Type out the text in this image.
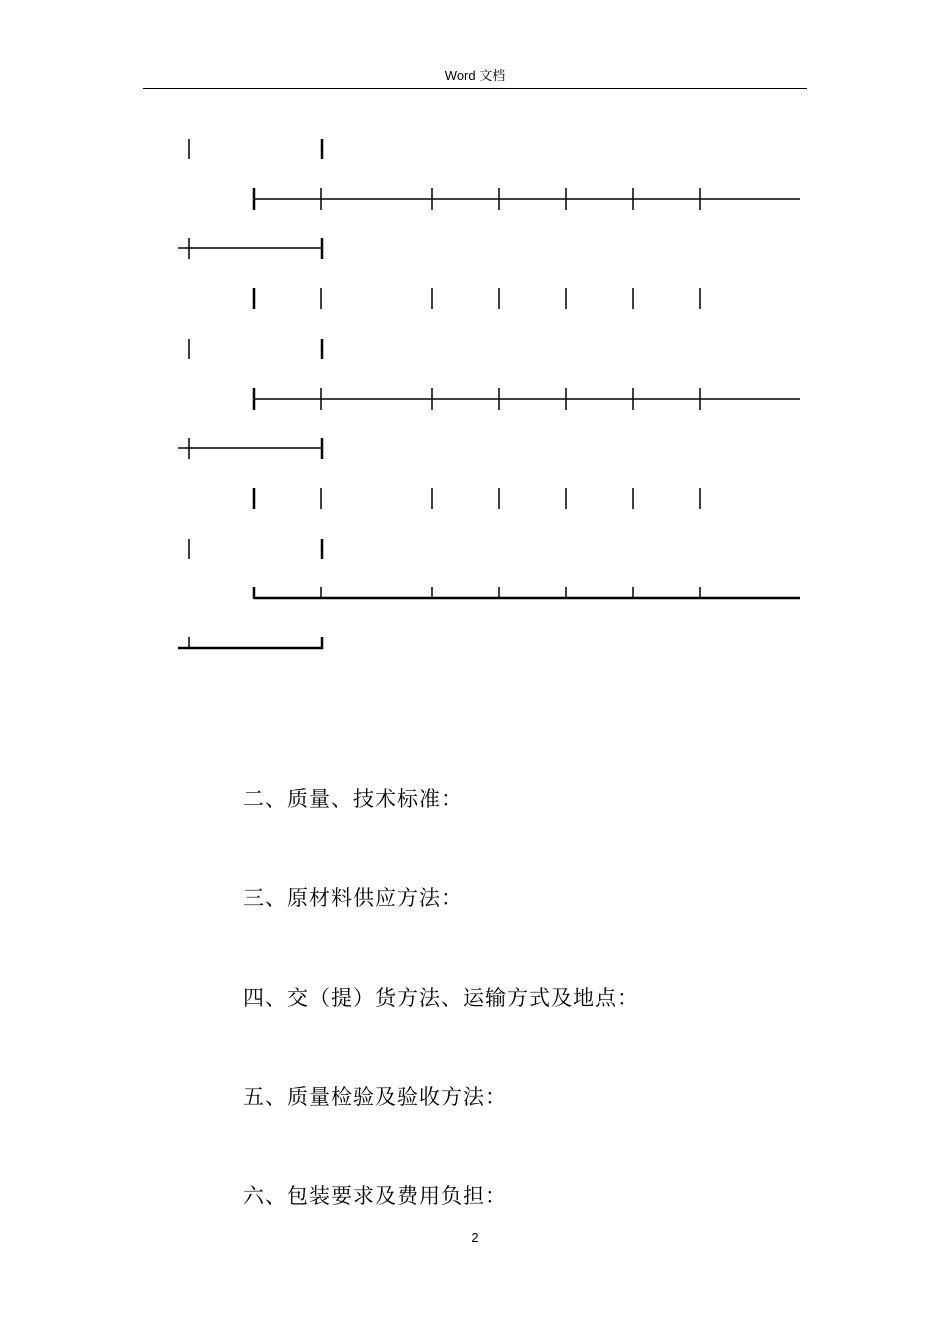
Word 文档
二、质量、技术标准：
三、原材料供应方法：
四、交（提）货方法、运输方式及地点：
五、质量检验及验收方法：
六、包装要求及费用负担：
2
